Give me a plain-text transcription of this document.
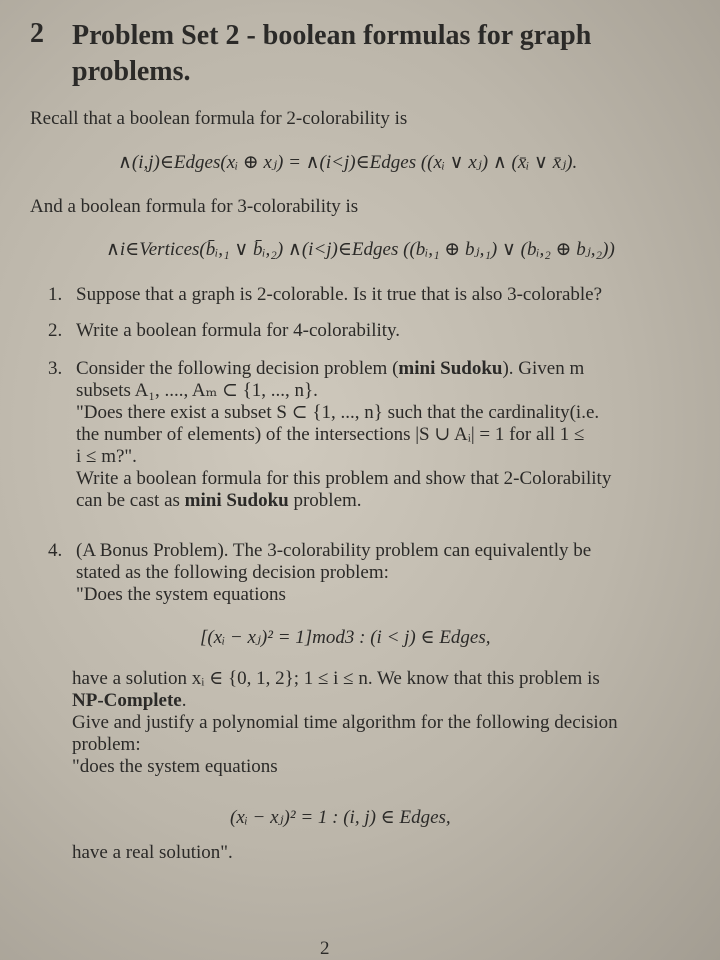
2 Problem Set 2 - boolean formulas for graph problems.
Recall that a boolean formula for 2-colorability is
∧(i,j)∈Edges(xᵢ ⊕ xⱼ) = ∧(i<j)∈Edges ((xᵢ ∨ xⱼ) ∧ (x̄ᵢ ∨ x̄ⱼ).
And a boolean formula for 3-colorability is
∧i∈Vertices(b̄ᵢ,₁ ∨ b̄ᵢ,₂) ∧(i<j)∈Edges ((bᵢ,₁ ⊕ bⱼ,₁) ∨ (bᵢ,₂ ⊕ bⱼ,₂))
1. Suppose that a graph is 2-colorable. Is it true that is also 3-colorable?
2. Write a boolean formula for 4-colorability.
3. Consider the following decision problem (mini Sudoku). Given m
subsets A₁, ...., Aₘ ⊂ {1, ..., n}.
"Does there exist a subset S ⊂ {1, ..., n} such that the cardinality(i.e.
the number of elements) of the intersections |S ∪ Aᵢ| = 1 for all 1 ≤
i ≤ m?".
Write a boolean formula for this problem and show that 2-Colorability
can be cast as mini Sudoku problem.
4. (A Bonus Problem). The 3-colorability problem can equivalently be
stated as the following decision problem:
"Does the system equations
[(xᵢ − xⱼ)² = 1]mod3 : (i < j) ∈ Edges,
have a solution xᵢ ∈ {0, 1, 2}; 1 ≤ i ≤ n. We know that this problem is
NP-Complete.
Give and justify a polynomial time algorithm for the following decision
problem:
"does the system equations
(xᵢ − xⱼ)² = 1 : (i, j) ∈ Edges,
have a real solution".
2
